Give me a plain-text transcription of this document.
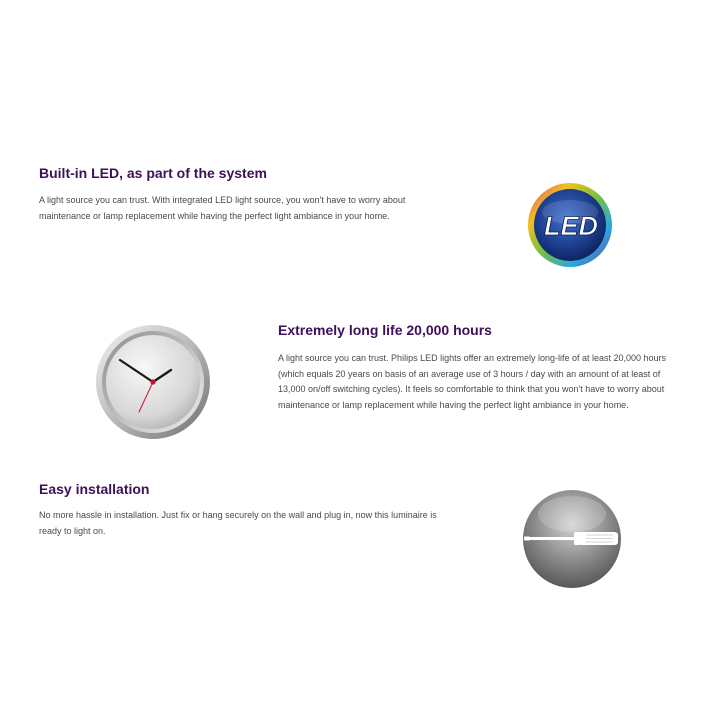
Built-in LED, as part of the system

A light source you can trust. With integrated LED light source, you won't have to worry about maintenance or lamp replacement while having the perfect light ambiance in your home.	LED
Extremely long life 20,000 hours

A light source you can trust. Philips LED lights offer an extremely long-life of at least 20,000 hours (which equals 20 years on basis of an average use of 3 hours / day with an amount of at least of 13,000 on/off switching cycles). It feels so comfortable to think that you won't have to worry about maintenance or lamp replacement while having the perfect light ambiance in your home.

Easy installation

No more hassle in installation. Just fix or hang securely on the wall and plug in, now this luminaire is ready to light on.
